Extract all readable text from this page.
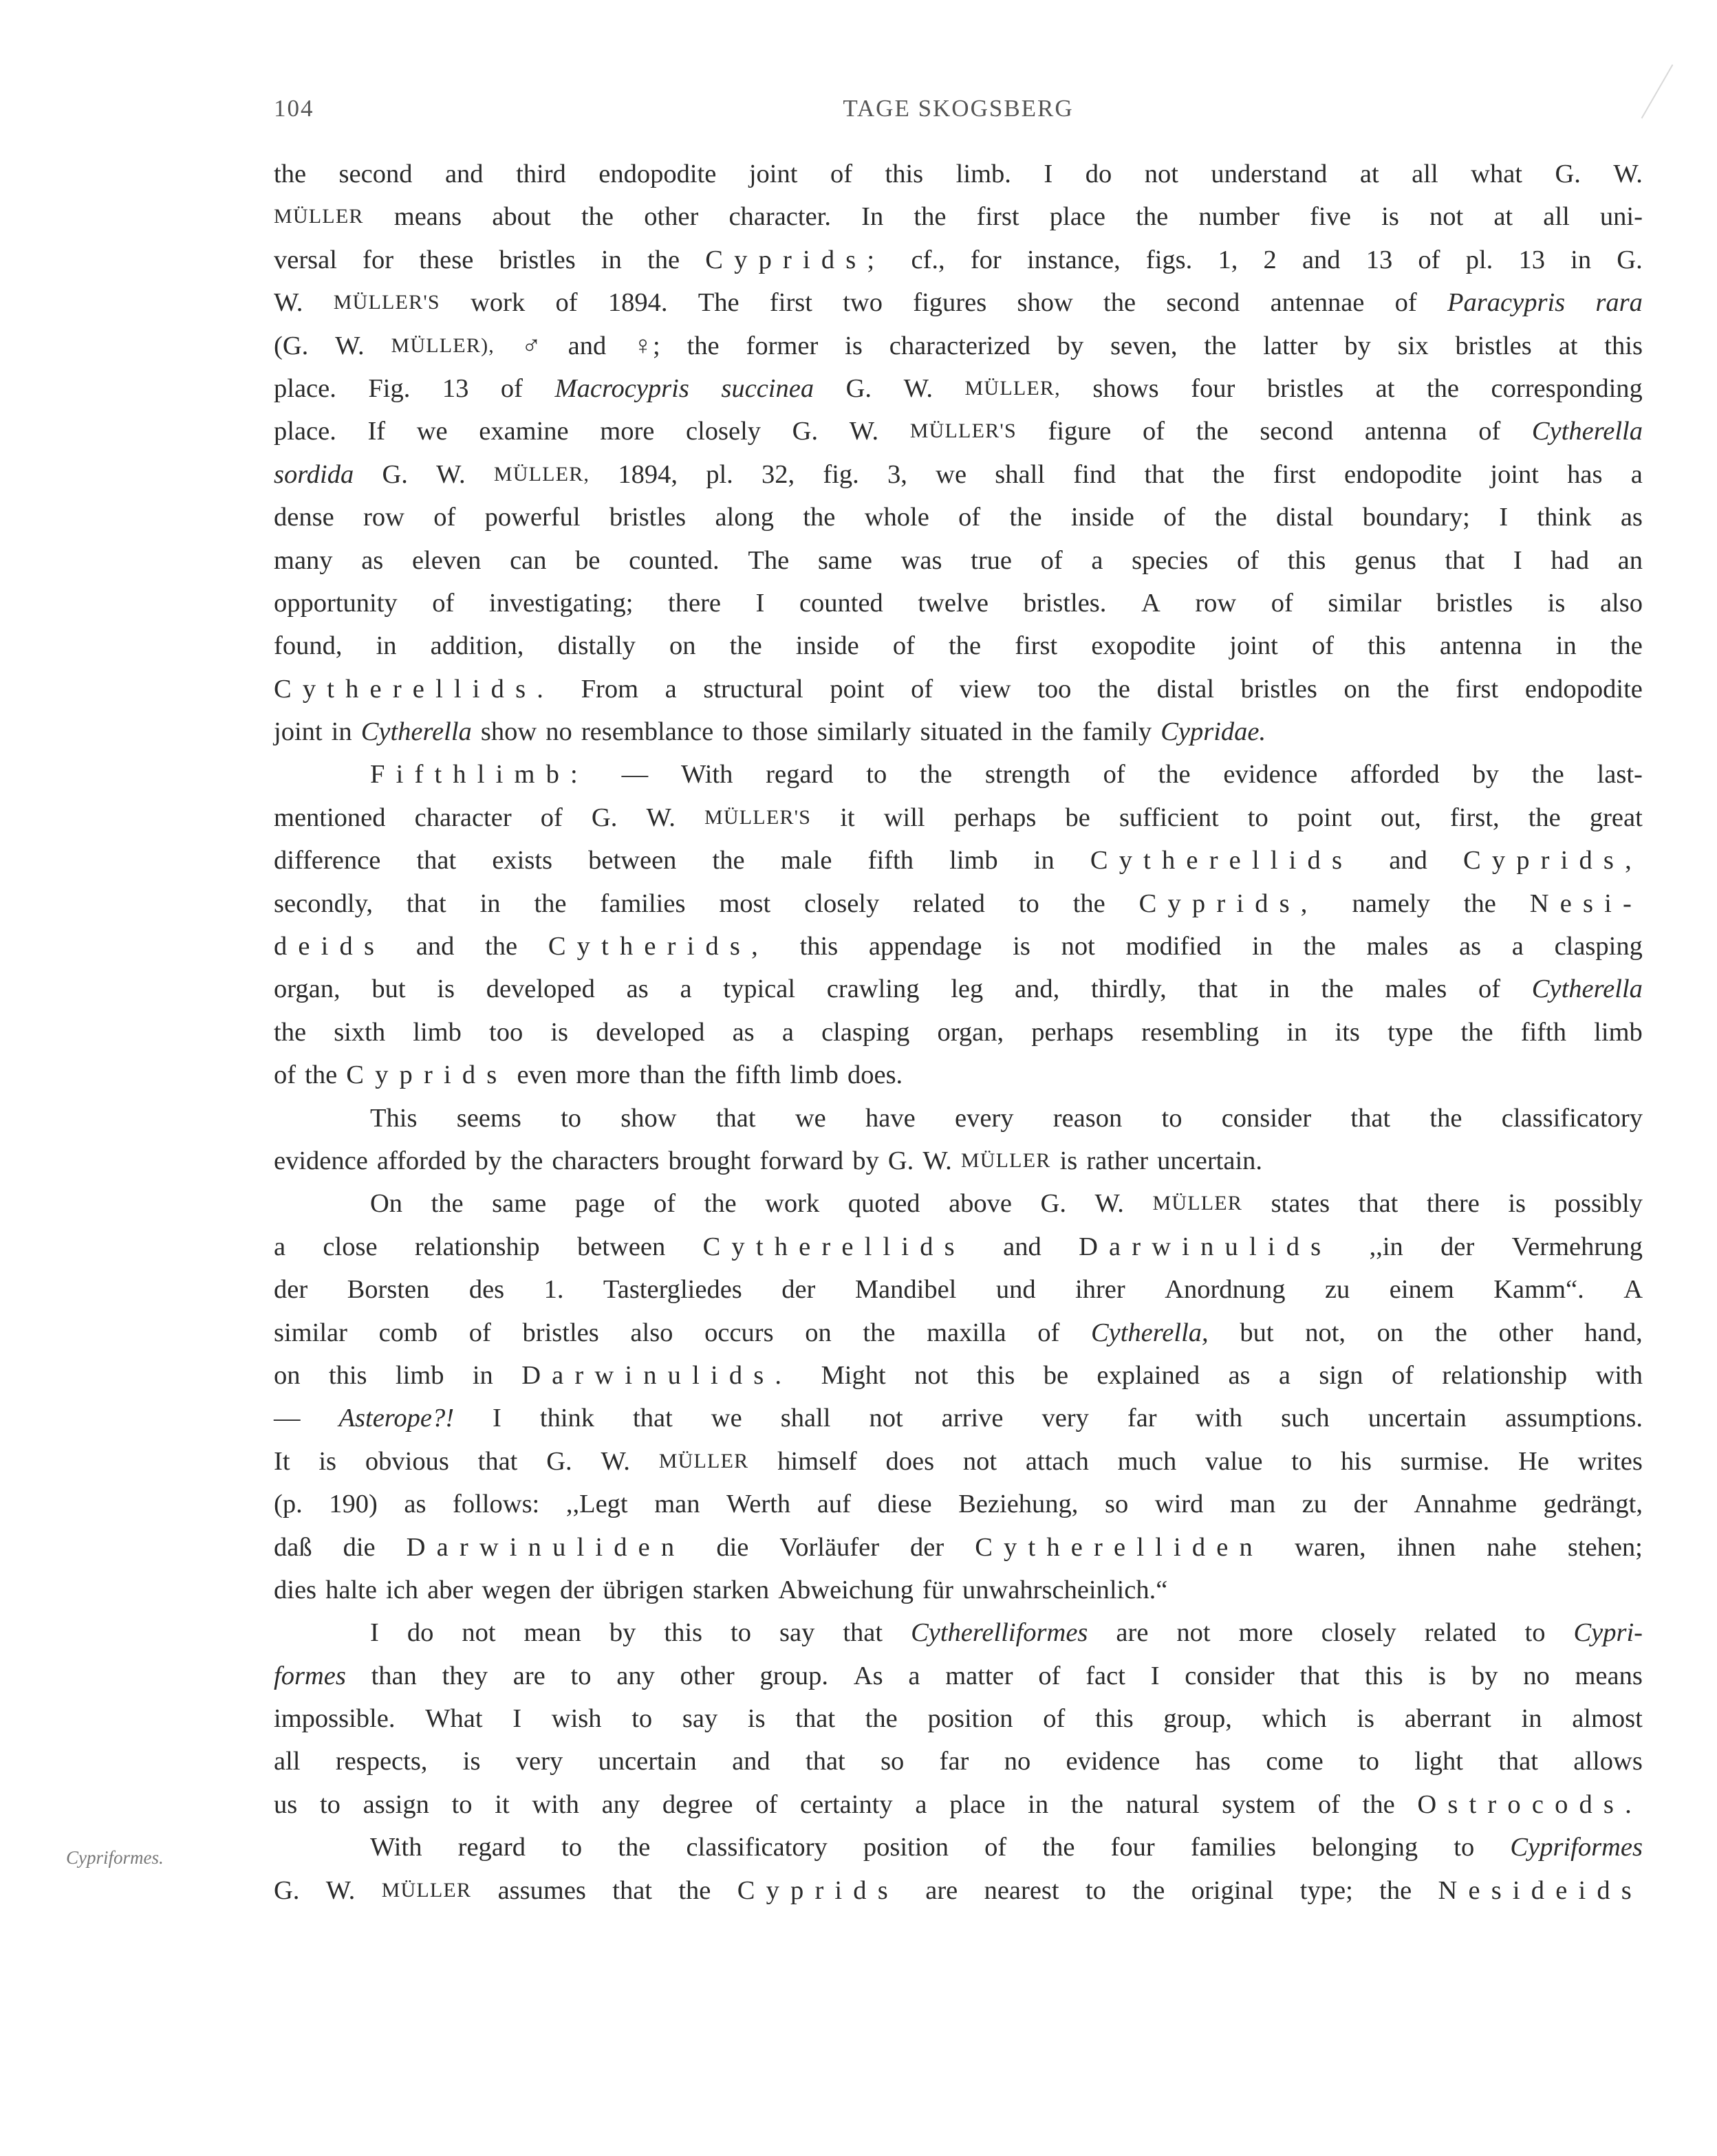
104	TAGE SKOGSBERG
Cypriformes.
the second and third endopodite joint of this limb. I do not understand at all what G. W.
MÜLLER means about the other character. In the first place the number five is not at all uni-
versal for these bristles in the Cyprids; cf., for instance, figs. 1, 2 and 13 of pl. 13 in G.
W. MÜLLER'S work of 1894. The first two figures show the second antennae of Paracypris rara
(G. W. MÜLLER), ♂ and ♀; the former is characterized by seven, the latter by six bristles at this
place. Fig. 13 of Macrocypris succinea G. W. MÜLLER, shows four bristles at the corresponding
place. If we examine more closely G. W. MÜLLER'S figure of the second antenna of Cytherella
sordida G. W. MÜLLER, 1894, pl. 32, fig. 3, we shall find that the first endopodite joint has a
dense row of powerful bristles along the whole of the inside of the distal boundary; I think as
many as eleven can be counted. The same was true of a species of this genus that I had an
opportunity of investigating; there I counted twelve bristles. A row of similar bristles is also
found, in addition, distally on the inside of the first exopodite joint of this antenna in the
Cytherellids. From a structural point of view too the distal bristles on the first endopodite
joint in Cytherella show no resemblance to those similarly situated in the family Cypridae.
Fifthlimb: — With regard to the strength of the evidence afforded by the last-
mentioned character of G. W. MÜLLER'S it will perhaps be sufficient to point out, first, the great
difference that exists between the male fifth limb in Cytherellids and Cyprids,
secondly, that in the families most closely related to the Cyprids, namely the Nesi-
deids and the Cytherids, this appendage is not modified in the males as a clasping
organ, but is developed as a typical crawling leg and, thirdly, that in the males of Cytherella
the sixth limb too is developed as a clasping organ, perhaps resembling in its type the fifth limb
of the Cyprids even more than the fifth limb does.
This seems to show that we have every reason to consider that the classificatory
evidence afforded by the characters brought forward by G. W. MÜLLER is rather uncertain.
On the same page of the work quoted above G. W. MÜLLER states that there is possibly
a close relationship between Cytherellids and Darwinulids ,,in der Vermehrung
der Borsten des 1. Tastergliedes der Mandibel und ihrer Anordnung zu einem Kamm“. A
similar comb of bristles also occurs on the maxilla of Cytherella, but not, on the other hand,
on this limb in Darwinulids. Might not this be explained as a sign of relationship with
— Asterope?! I think that we shall not arrive very far with such uncertain assumptions.
It is obvious that G. W. MÜLLER himself does not attach much value to his surmise. He writes
(p. 190) as follows: ,,Legt man Werth auf diese Beziehung, so wird man zu der Annahme gedrängt,
daß die Darwinuliden die Vorläufer der Cytherelliden waren, ihnen nahe stehen;
dies halte ich aber wegen der übrigen starken Abweichung für unwahrscheinlich.“
I do not mean by this to say that Cytherelliformes are not more closely related to Cypri-
formes than they are to any other group. As a matter of fact I consider that this is by no means
impossible. What I wish to say is that the position of this group, which is aberrant in almost
all respects, is very uncertain and that so far no evidence has come to light that allows
us to assign to it with any degree of certainty a place in the natural system of the Ostrocods.
With regard to the classificatory position of the four families belonging to Cypriformes
G. W. MÜLLER assumes that the Cyprids are nearest to the original type; the Nesideids
